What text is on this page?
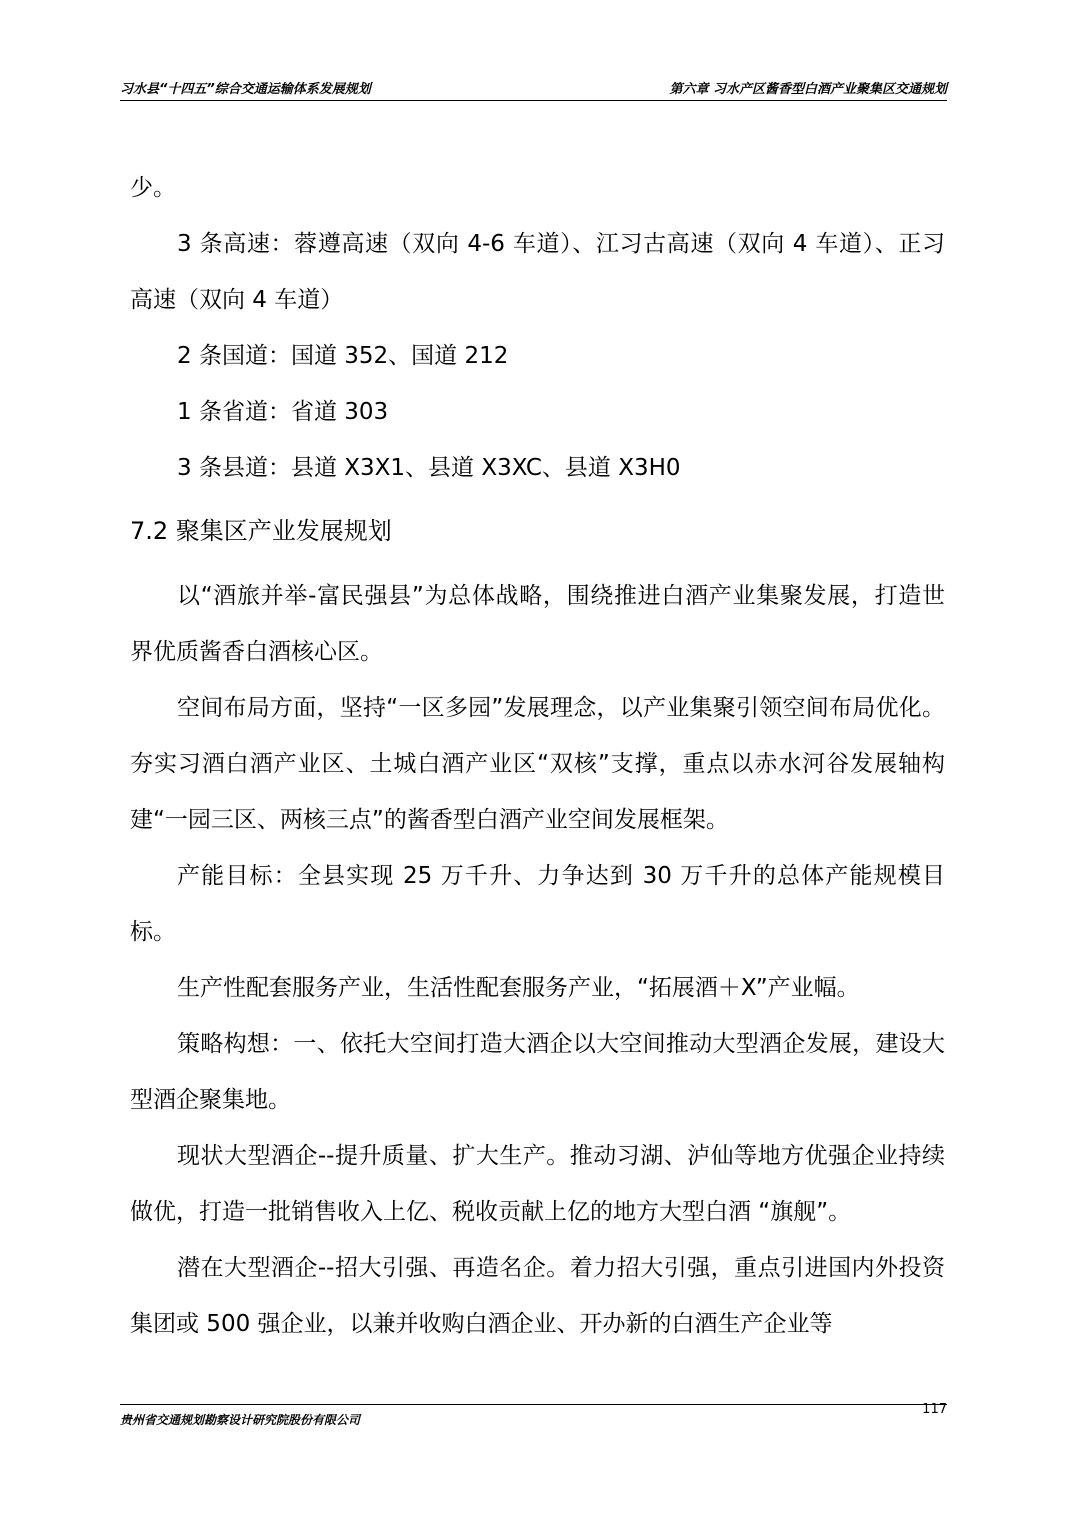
习水县“十四五”综合交通运输体系发展规划	第六章 习水产区酱香型白酒产业聚集区交通规划

少。

3 条高速：蓉遵高速（双向 4-6 车道）、江习古高速（双向 4 车道）、正习高速（双向 4 车道）

2 条国道：国道 352、国道 212

1 条省道：省道 303

3 条县道：县道 X3X1、县道 X3XC、县道 X3H0

7.2 聚集区产业发展规划

以“酒旅并举-富民强县”为总体战略，围绕推进白酒产业集聚发展，打造世界优质酱香白酒核心区。

空间布局方面，坚持“一区多园”发展理念，以产业集聚引领空间布局优化。夯实习酒白酒产业区、土城白酒产业区“双核”支撑，重点以赤水河谷发展轴构建“一园三区、两核三点”的酱香型白酒产业空间发展框架。

产能目标：全县实现 25 万千升、力争达到 30 万千升的总体产能规模目标。

生产性配套服务产业，生活性配套服务产业，“拓展酒＋X”产业幅。

策略构想：一、依托大空间打造大酒企以大空间推动大型酒企发展，建设大型酒企聚集地。

现状大型酒企--提升质量、扩大生产。推动习湖、泸仙等地方优强企业持续做优，打造一批销售收入上亿、税收贡献上亿的地方大型白酒 “旗舰”。

潜在大型酒企--招大引强、再造名企。着力招大引强，重点引进国内外投资集团或 500 强企业，以兼并收购白酒企业、开办新的白酒生产企业等

贵州省交通规划勘察设计研究院股份有限公司
117
